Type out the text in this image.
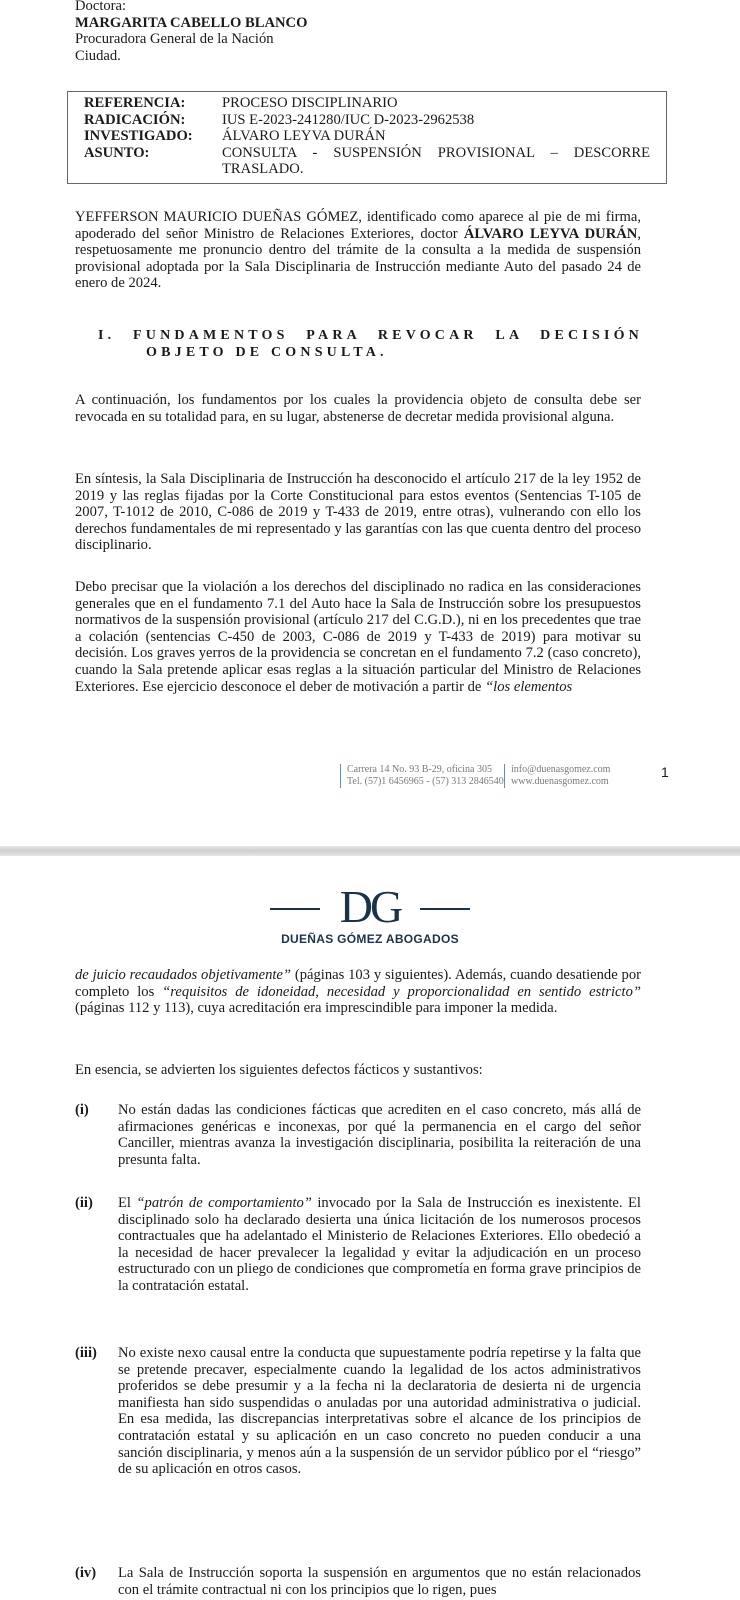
Doctora:
MARGARITA CABELLO BLANCO
Procuradora General de la Nación
Ciudad.
REFERENCIA:	PROCESO DISCIPLINARIO
RADICACIÓN:	IUS E-2023-241280/IUC D-2023-2962538
INVESTIGADO:	ÁLVARO LEYVA DURÁN
ASUNTO:	CONSULTA - SUSPENSIÓN PROVISIONAL – DESCORRE TRASLADO.
YEFFERSON MAURICIO DUEÑAS GÓMEZ, identificado como aparece al pie de mi firma, apoderado del señor Ministro de Relaciones Exteriores, doctor ÁLVARO LEYVA DURÁN, respetuosamente me pronuncio dentro del trámite de la consulta a la medida de suspensión provisional adoptada por la Sala Disciplinaria de Instrucción mediante Auto del pasado 24 de enero de 2024.
I. FUNDAMENTOS PARA REVOCAR LA DECISIÓN
OBJETO DE CONSULTA.
A continuación, los fundamentos por los cuales la providencia objeto de consulta debe ser revocada en su totalidad para, en su lugar, abstenerse de decretar medida provisional alguna.
En síntesis, la Sala Disciplinaria de Instrucción ha desconocido el artículo 217 de la ley 1952 de 2019 y las reglas fijadas por la Corte Constitucional para estos eventos (Sentencias T-105 de 2007, T-1012 de 2010, C-086 de 2019 y T-433 de 2019, entre otras), vulnerando con ello los derechos fundamentales de mi representado y las garantías con las que cuenta dentro del proceso disciplinario.
Debo precisar que la violación a los derechos del disciplinado no radica en las consideraciones generales que en el fundamento 7.1 del Auto hace la Sala de Instrucción sobre los presupuestos normativos de la suspensión provisional (artículo 217 del C.G.D.), ni en los precedentes que trae a colación (sentencias C-450 de 2003, C-086 de 2019 y T-433 de 2019) para motivar su decisión. Los graves yerros de la providencia se concretan en el fundamento 7.2 (caso concreto), cuando la Sala pretende aplicar esas reglas a la situación particular del Ministro de Relaciones Exteriores. Ese ejercicio desconoce el deber de motivación a partir de “los elementos
Carrera 14 No. 93 B-29, oficina 305
Tel. (57)1 6456965 - (57) 313 2846540
info@duenasgomez.com
www.duenasgomez.com
1
DG
DUEÑAS GÓMEZ ABOGADOS
de juicio recaudados objetivamente” (páginas 103 y siguientes). Además, cuando desatiende por completo los “requisitos de idoneidad, necesidad y proporcionalidad en sentido estricto” (páginas 112 y 113), cuya acreditación era imprescindible para imponer la medida.
En esencia, se advierten los siguientes defectos fácticos y sustantivos:
(i)	No están dadas las condiciones fácticas que acrediten en el caso concreto, más allá de afirmaciones genéricas e inconexas, por qué la permanencia en el cargo del señor Canciller, mientras avanza la investigación disciplinaria, posibilita la reiteración de una presunta falta.
(ii)	El “patrón de comportamiento” invocado por la Sala de Instrucción es inexistente. El disciplinado solo ha declarado desierta una única licitación de los numerosos procesos contractuales que ha adelantado el Ministerio de Relaciones Exteriores. Ello obedeció a la necesidad de hacer prevalecer la legalidad y evitar la adjudicación en un proceso estructurado con un pliego de condiciones que comprometía en forma grave principios de la contratación estatal.
(iii)	No existe nexo causal entre la conducta que supuestamente podría repetirse y la falta que se pretende precaver, especialmente cuando la legalidad de los actos administrativos proferidos se debe presumir y a la fecha ni la declaratoria de desierta ni de urgencia manifiesta han sido suspendidas o anuladas por una autoridad administrativa o judicial. En esa medida, las discrepancias interpretativas sobre el alcance de los principios de contratación estatal y su aplicación en un caso concreto no pueden conducir a una sanción disciplinaria, y menos aún a la suspensión de un servidor público por el “riesgo” de su aplicación en otros casos.
(iv)	La Sala de Instrucción soporta la suspensión en argumentos que no están relacionados con el trámite contractual ni con los principios que lo rigen, pues
